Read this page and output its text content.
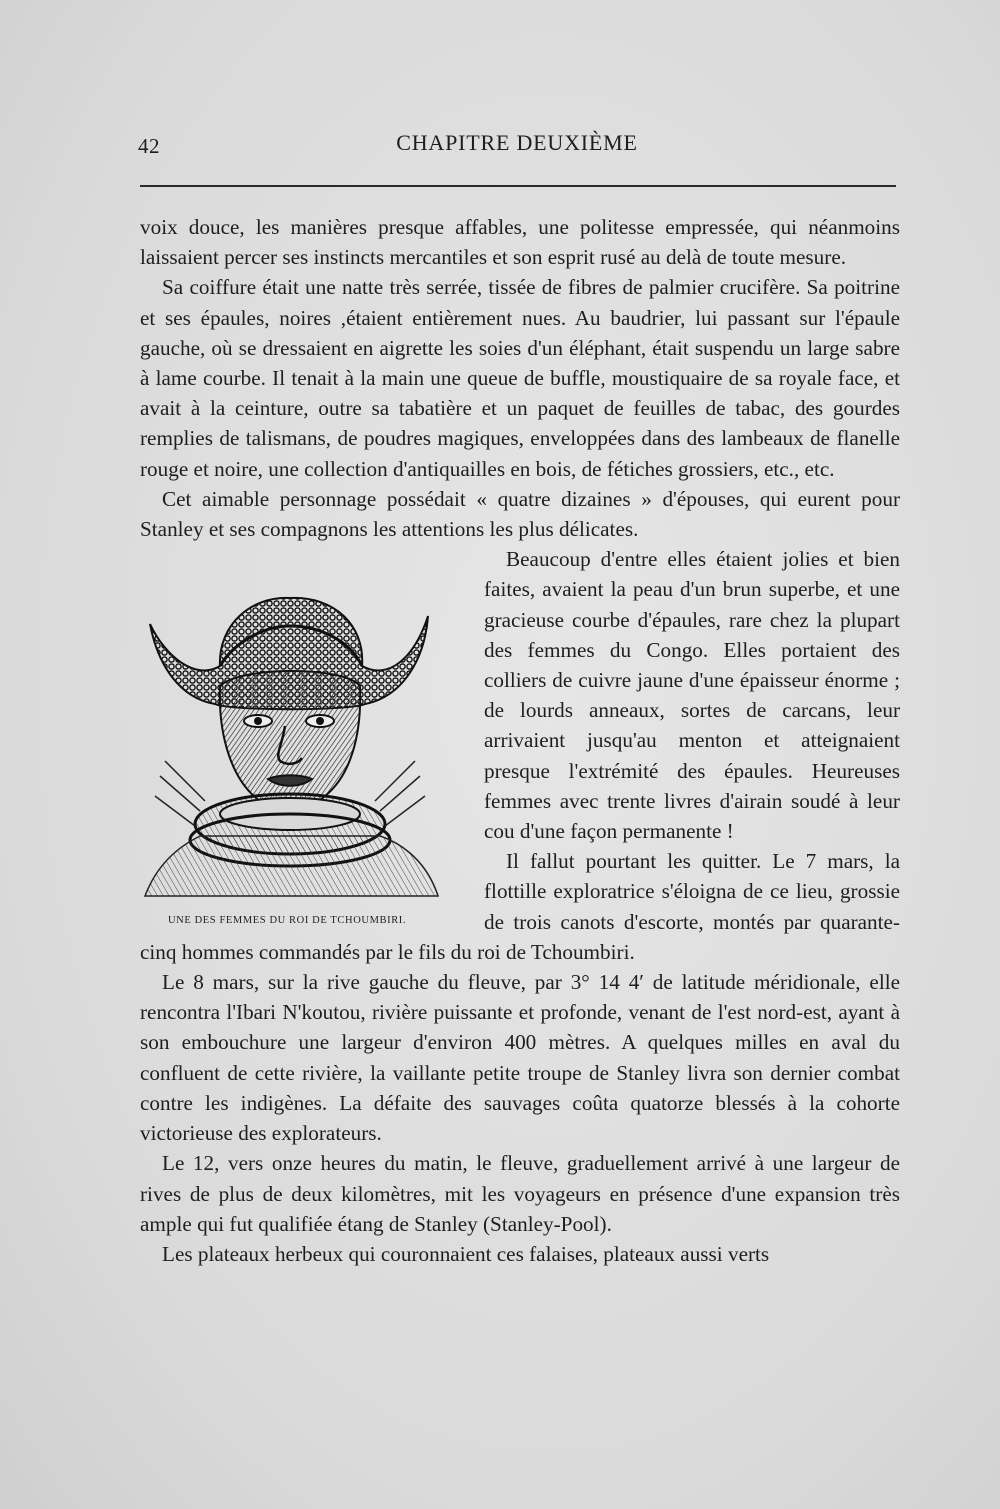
42	CHAPITRE DEUXIÈME

voix douce, les manières presque affables, une politesse empressée, qui néanmoins laissaient percer ses instincts mercantiles et son esprit rusé au delà de toute mesure.

Sa coiffure était une natte très serrée, tissée de fibres de palmier crucifère. Sa poitrine et ses épaules, noires ,étaient entièrement nues. Au baudrier, lui passant sur l'épaule gauche, où se dressaient en aigrette les soies d'un éléphant, était suspendu un large sabre à lame courbe. Il tenait à la main une queue de buffle, moustiquaire de sa royale face, et avait à la ceinture, outre sa tabatière et un paquet de feuilles de tabac, des gourdes remplies de talismans, de poudres magiques, enveloppées dans des lambeaux de flanelle rouge et noire, une collection d'antiquailles en bois, de fétiches grossiers, etc., etc.

Cet aimable personnage possédait « quatre dizaines » d'épouses, qui eurent pour Stanley et ses compagnons les attentions les plus délicates.

UNE DES FEMMES DU ROI DE TCHOUMBIRI.

Beaucoup d'entre elles étaient jolies et bien faites, avaient la peau d'un brun superbe, et une gracieuse courbe d'épaules, rare chez la plupart des femmes du Congo. Elles portaient des colliers de cuivre jaune d'une épaisseur énorme ; de lourds anneaux, sortes de carcans, leur arrivaient jusqu'au menton et atteignaient presque l'extrémité des épaules. Heureuses femmes avec trente livres d'airain soudé à leur cou d'une façon permanente !

Il fallut pourtant les quitter. Le 7 mars, la flottille exploratrice s'éloigna de ce lieu, grossie de trois canots d'escorte, montés par quarante-cinq hommes commandés par le fils du roi de Tchoumbiri.

Le 8 mars, sur la rive gauche du fleuve, par 3° 14 4ʹ de latitude méridionale, elle rencontra l'Ibari N'koutou, rivière puissante et profonde, venant de l'est nord-est, ayant à son embouchure une largeur d'environ 400 mètres. A quelques milles en aval du confluent de cette rivière, la vaillante petite troupe de Stanley livra son dernier combat contre les indigènes. La défaite des sauvages coûta quatorze blessés à la cohorte victorieuse des explorateurs.

Le 12, vers onze heures du matin, le fleuve, graduellement arrivé à une largeur de rives de plus de deux kilomètres, mit les voyageurs en présence d'une expansion très ample qui fut qualifiée étang de Stanley (Stanley-Pool).

Les plateaux herbeux qui couronnaient ces falaises, plateaux aussi verts
